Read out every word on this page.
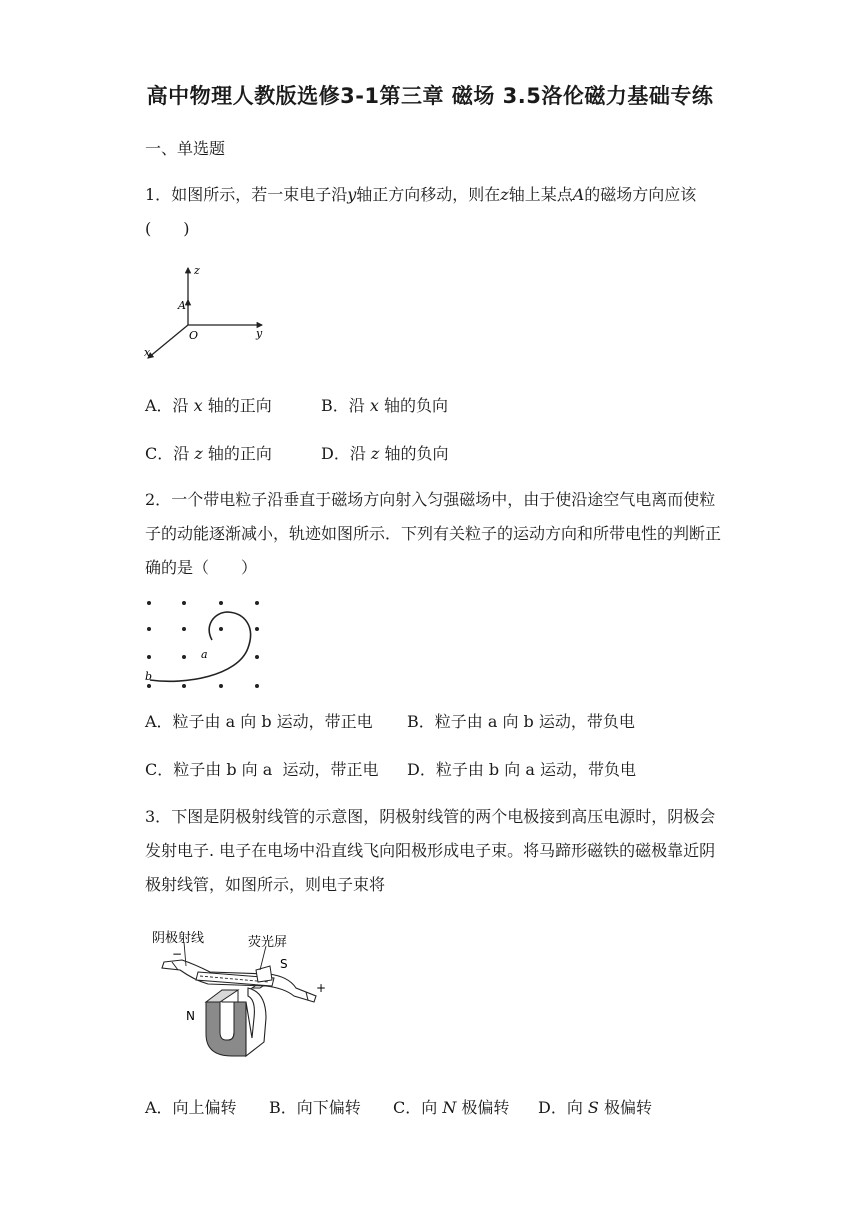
高中物理人教版选修3-1第三章 磁场 3.5洛伦磁力基础专练
一、单选题
1．如图所示，若一束电子沿y轴正方向移动，则在z轴上某点A的磁场方向应该(　　)
z
A
O	y
x
A．沿 x 轴的正向	B．沿 x 轴的负向
C．沿 z 轴的正向	D．沿 z 轴的负向
2．一个带电粒子沿垂直于磁场方向射入匀强磁场中，由于使沿途空气电离而使粒子的动能逐渐减小，轨迹如图所示．下列有关粒子的运动方向和所带电性的判断正确的是（　　）
a
b
A．粒子由 a 向 b 运动，带正电 B．粒子由 a 向 b 运动，带负电
C．粒子由 b 向 a  运动，带正电 D．粒子由 b 向 a 运动，带负电
3．下图是阴极射线管的示意图，阴极射线管的两个电极接到高压电源时，阴极会发射电子. 电子在电场中沿直线飞向阳极形成电子束。将马蹄形磁铁的磁极靠近阴极射线管，如图所示，则电子束将
阴极射线	荧光屏
S
N
−
+
A．向上偏转 B．向下偏转 C．向 N 极偏转 D．向 S 极偏转
